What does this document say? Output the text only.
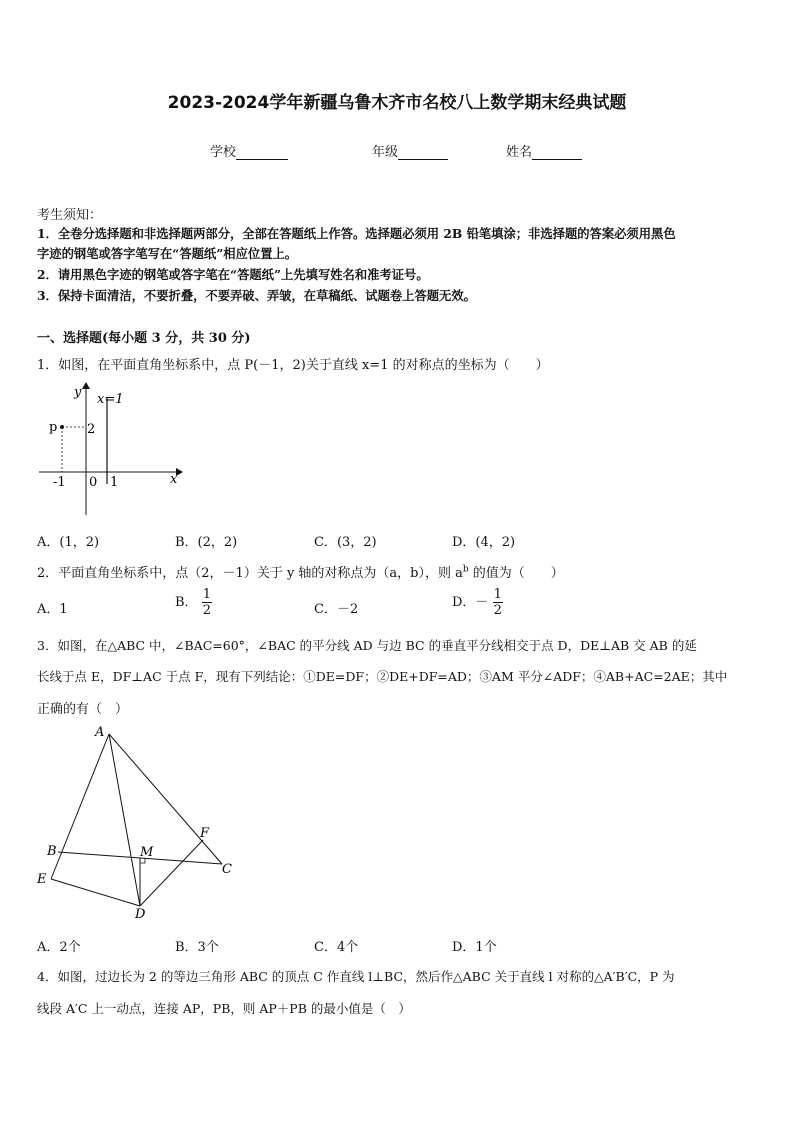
2023-2024学年新疆乌鲁木齐市名校八上数学期末经典试题
学校	年级	姓名
考生须知：
1．全卷分选择题和非选择题两部分，全部在答题纸上作答。选择题必须用 2B 铅笔填涂；非选择题的答案必须用黑色
字迹的钢笔或答字笔写在“答题纸”相应位置上。
2．请用黑色字迹的钢笔或答字笔在“答题纸”上先填写姓名和准考证号。
3．保持卡面清洁，不要折叠，不要弄破、弄皱，在草稿纸、试题卷上答题无效。
一、选择题(每小题 3 分，共 30 分)
1．如图，在平面直角坐标系中，点 P(－1，2)关于直线 x=1 的对称点的坐标为（　　）
y
x
x=1
p 2
-1 0 1
A．(1，2)	B．(2，2)	C．(3，2)	D．(4，2)
2．平面直角坐标系中，点（2，－1）关于 y 轴的对称点为（a，b），则 $a^b$ 的值为（　　）
A．1	B． $\frac{1}{2}$	C．－2	D．－ $\frac{1}{2}$
3．如图，在△ABC 中，∠BAC=60°，∠BAC 的平分线 AD 与边 BC 的垂直平分线相交于点 D，DE⊥AB 交 AB 的延
长线于点 E，DF⊥AC 于点 F，现有下列结论：①DE=DF；②DE+DF=AD；③AM 平分∠ADF；④AB+AC=2AE；其中
正确的有（　）
A
B
C
D
E
F
M
A．2个	B．3个	C．4个	D．1个
4．如图，过边长为 2 的等边三角形 ABC 的顶点 C 作直线 l⊥BC，然后作△ABC 关于直线 l 对称的△A′B′C，P 为
线段 A′C 上一动点，连接 AP，PB，则 AP＋PB 的最小值是（　）
